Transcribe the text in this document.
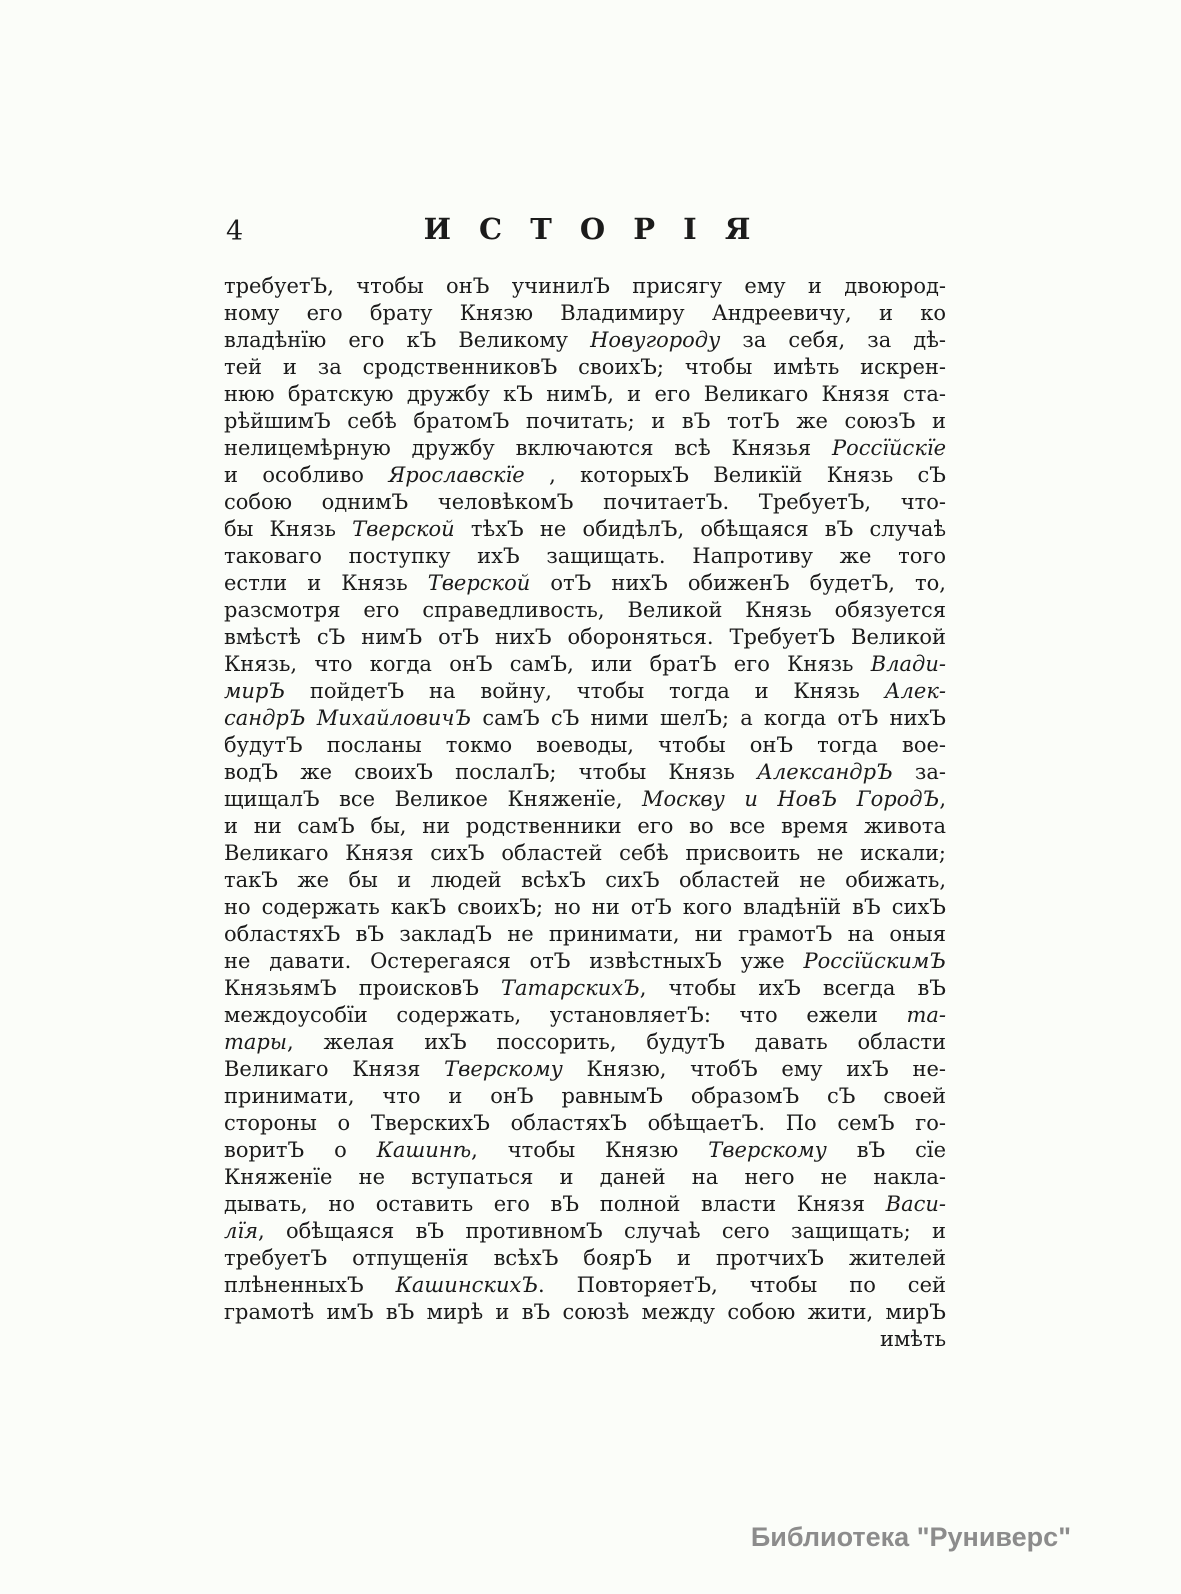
4	И С Т О Р І Я
требуетЪ, чтобы онЪ учинилЪ присягу ему и двоюрод-
ному его брату Князю Владимиру Андреевичу, и ко
владѣнїю его кЪ Великому Новугороду за себя, за дѣ-
тей и за сродственниковЪ своихЪ; чтобы имѣть искрен-
нюю братскую дружбу кЪ нимЪ, и его Великаго Князя ста-
рѣйшимЪ себѣ братомЪ почитать; и вЪ тотЪ же союзЪ и
нелицемѣрную дружбу включаются всѣ Князья Россїйскїе
и особливо Ярославскїе , которыхЪ Великїй Князь сЪ
собою однимЪ человѣкомЪ почитаетЪ. ТребуетЪ, что-
бы Князь Тверской тѣхЪ не обидѣлЪ, обѣщаяся вЪ случаѣ
таковаго поступку ихЪ защищать. Напротиву же того
естли и Князь Тверской отЪ нихЪ обиженЪ будетЪ, то,
разсмотря его справедливость, Великой Князь обязуется
вмѣстѣ сЪ нимЪ отЪ нихЪ обороняться. ТребуетЪ Великой
Князь, что когда онЪ самЪ, или братЪ его Князь Влади-
мирЪ пойдетЪ на войну, чтобы тогда и Князь Алек-
сандрЪ МихайловичЪ самЪ сЪ ними шелЪ; а когда отЪ нихЪ
будутЪ посланы токмо воеводы, чтобы онЪ тогда вое-
водЪ же своихЪ послалЪ; чтобы Князь АлександрЪ за-
щищалЪ все Великое Княженїе, Москву и НовЪ ГородЪ,
и ни самЪ бы, ни родственники его во все время живота
Великаго Князя сихЪ областей себѣ присвоить не искали;
такЪ же бы и людей всѣхЪ сихЪ областей не обижать,
но содержать какЪ своихЪ; но ни отЪ кого владѣнїй вЪ сихЪ
областяхЪ вЪ закладЪ не принимати, ни грамотЪ на оныя
не давати. Остерегаяся отЪ извѣстныхЪ уже РоссїйскимЪ
КнязьямЪ происковЪ ТатарскихЪ, чтобы ихЪ всегда вЪ
междоусобїи содержать, установляетЪ: что ежели та-
тары, желая ихЪ поссорить, будутЪ давать области
Великаго Князя Тверскому Князю, чтобЪ ему ихЪ не-
принимати, что и онЪ равнымЪ образомЪ сЪ своей
стороны о ТверскихЪ областяхЪ обѣщаетЪ. По семЪ го-
воритЪ о Кашинѣ, чтобы Князю Тверскому вЪ сїе
Княженїе не вступаться и даней на него не накла-
дывать, но оставить его вЪ полной власти Князя Васи-
лїя, обѣщаяся вЪ противномЪ случаѣ сего защищать; и
требуетЪ отпущенїя всѣхЪ боярЪ и протчихЪ жителей
плѣненныхЪ КашинскихЪ. ПовторяетЪ, чтобы по сей
грамотѣ имЪ вЪ мирѣ и вЪ союзѣ между собою жити, мирЪ
имѣть
Библиотека "Руниверс"
